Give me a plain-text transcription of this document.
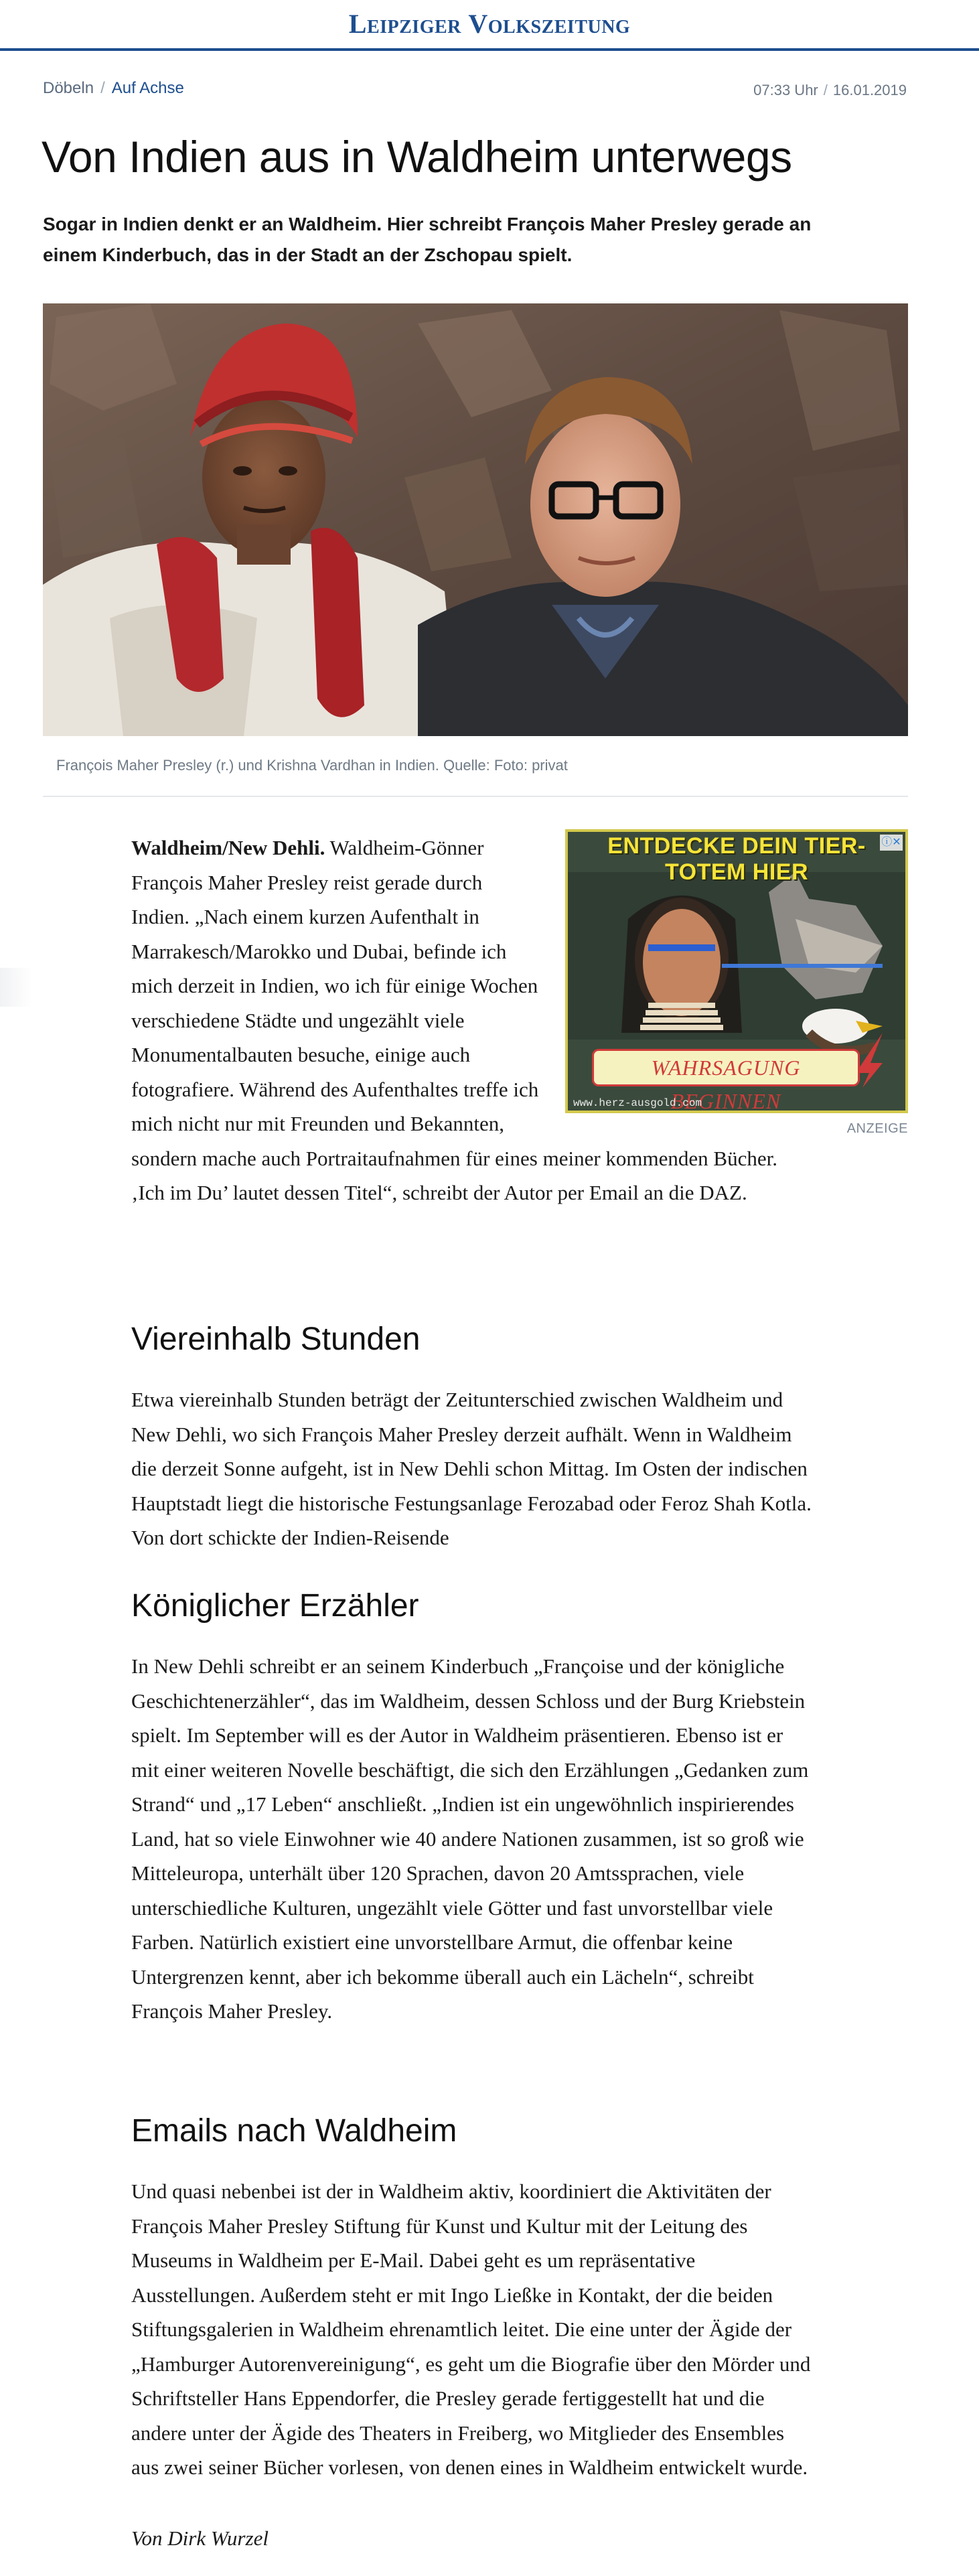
Leipziger Volkszeitung
Döbeln / Auf Achse	07:33 Uhr / 16.01.2019
Von Indien aus in Waldheim unterwegs

Sogar in Indien denkt er an Waldheim. Hier schreibt François Maher Presley gerade an einem Kinderbuch, das in der Stadt an der Zschopau spielt.

François Maher Presley (r.) und Krishna Vardhan in Indien. Quelle: Foto: privat
ENTDECKE DEIN TIER-TOTEM HIER
ⓘ✕
WAHRSAGUNG BEGINNEN
www.herz-ausgold.com
ANZEIGE
Waldheim/New Dehli. Waldheim-Gönner François Maher Presley reist gerade durch Indien. „Nach einem kurzen Aufenthalt in Marrakesch/Marokko und Dubai, befinde ich mich derzeit in Indien, wo ich für einige Wochen verschiedene Städte und ungezählt viele Monumentalbauten besuche, einige auch fotografiere. Während des Aufenthaltes treffe ich mich nicht nur mit Freunden und Bekannten,
sondern mache auch Portraitaufnahmen für eines meiner kommenden Bücher. ‚Ich im Du’ lautet dessen Titel“, schreibt der Autor per Email an die DAZ.
Viereinhalb Stunden

Etwa viereinhalb Stunden beträgt der Zeitunterschied zwischen Waldheim und New Dehli, wo sich François Maher Presley derzeit aufhält. Wenn in Waldheim die derzeit Sonne aufgeht, ist in New Dehli schon Mittag. Im Osten der indischen Hauptstadt liegt die historische Festungsanlage Ferozabad oder Feroz Shah Kotla. Von dort schickte der Indien-Reisende

Königlicher Erzähler

In New Dehli schreibt er an seinem Kinderbuch „Françoise und der königliche Geschichtenerzähler“, das im Waldheim, dessen Schloss und der Burg Kriebstein spielt. Im September will es der Autor in Waldheim präsentieren. Ebenso ist er mit einer weiteren Novelle beschäftigt, die sich den Erzählungen „Gedanken zum Strand“ und „17 Leben“ anschließt. „Indien ist ein ungewöhnlich inspirierendes Land, hat so viele Einwohner wie 40 andere Nationen zusammen, ist so groß wie Mitteleuropa, unterhält über 120 Sprachen, davon 20 Amtssprachen, viele unterschiedliche Kulturen, ungezählt viele Götter und fast unvorstellbar viele Farben. Natürlich existiert eine unvorstellbare Armut, die offenbar keine Untergrenzen kennt, aber ich bekomme überall auch ein Lächeln“, schreibt François Maher Presley.

Emails nach Waldheim

Und quasi nebenbei ist der in Waldheim aktiv, koordiniert die Aktivitäten der François Maher Presley Stiftung für Kunst und Kultur mit der Leitung des Museums in Waldheim per E-Mail. Dabei geht es um repräsentative Ausstellungen. Außerdem steht er mit Ingo Ließke in Kontakt, der die beiden Stiftungsgalerien in Waldheim ehrenamtlich leitet. Die eine unter der Ägide der „Hamburger Autorenvereinigung“, es geht um die Biografie über den Mörder und Schriftsteller Hans Eppendorfer, die Presley gerade fertiggestellt hat und die andere unter der Ägide des Theaters in Freiberg, wo Mitglieder des Ensembles aus zwei seiner Bücher vorlesen, von denen eines in Waldheim entwickelt wurde.

Von Dirk Wurzel
